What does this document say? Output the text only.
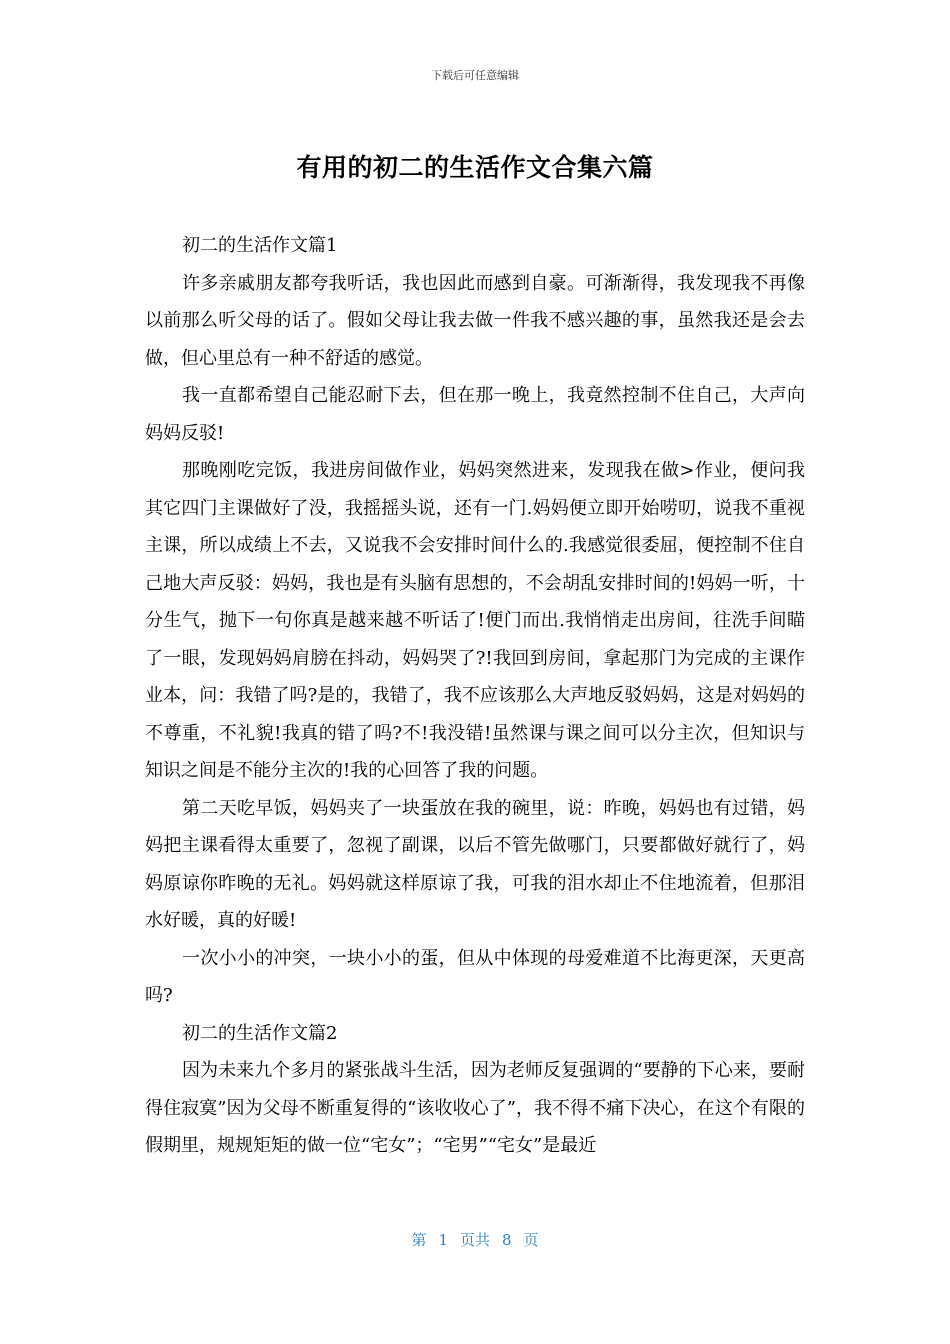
下载后可任意编辑
有用的初二的生活作文合集六篇

初二的生活作文篇1

许多亲戚朋友都夸我听话，我也因此而感到自豪。可渐渐得，我发现我不再像以前那么听父母的话了。假如父母让我去做一件我不感兴趣的事，虽然我还是会去做，但心里总有一种不舒适的感觉。

我一直都希望自己能忍耐下去，但在那一晚上，我竟然控制不住自己，大声向妈妈反驳!

那晚刚吃完饭，我进房间做作业，妈妈突然进来，发现我在做>作业，便问我其它四门主课做好了没，我摇摇头说，还有一门.妈妈便立即开始唠叨，说我不重视主课，所以成绩上不去，又说我不会安排时间什么的.我感觉很委屈，便控制不住自己地大声反驳：妈妈，我也是有头脑有思想的，不会胡乱安排时间的!妈妈一听，十分生气，抛下一句你真是越来越不听话了!便门而出.我悄悄走出房间，往洗手间瞄了一眼，发现妈妈肩膀在抖动，妈妈哭了?!我回到房间，拿起那门为完成的主课作业本，问：我错了吗?是的，我错了，我不应该那么大声地反驳妈妈，这是对妈妈的不尊重，不礼貌!我真的错了吗?不!我没错!虽然课与课之间可以分主次，但知识与知识之间是不能分主次的!我的心回答了我的问题。

第二天吃早饭，妈妈夹了一块蛋放在我的碗里，说：昨晚，妈妈也有过错，妈妈把主课看得太重要了，忽视了副课，以后不管先做哪门，只要都做好就行了，妈妈原谅你昨晚的无礼。妈妈就这样原谅了我，可我的泪水却止不住地流着，但那泪水好暖，真的好暖!

一次小小的冲突，一块小小的蛋，但从中体现的母爱难道不比海更深，天更高吗?

初二的生活作文篇2

因为未来九个多月的紧张战斗生活，因为老师反复强调的“要静的下心来，要耐得住寂寞”因为父母不断重复得的“该收收心了”，我不得不痛下决心，在这个有限的假期里，规规矩矩的做一位“宅女”；“宅男”“宅女”是最近

第 1 页共 8 页
